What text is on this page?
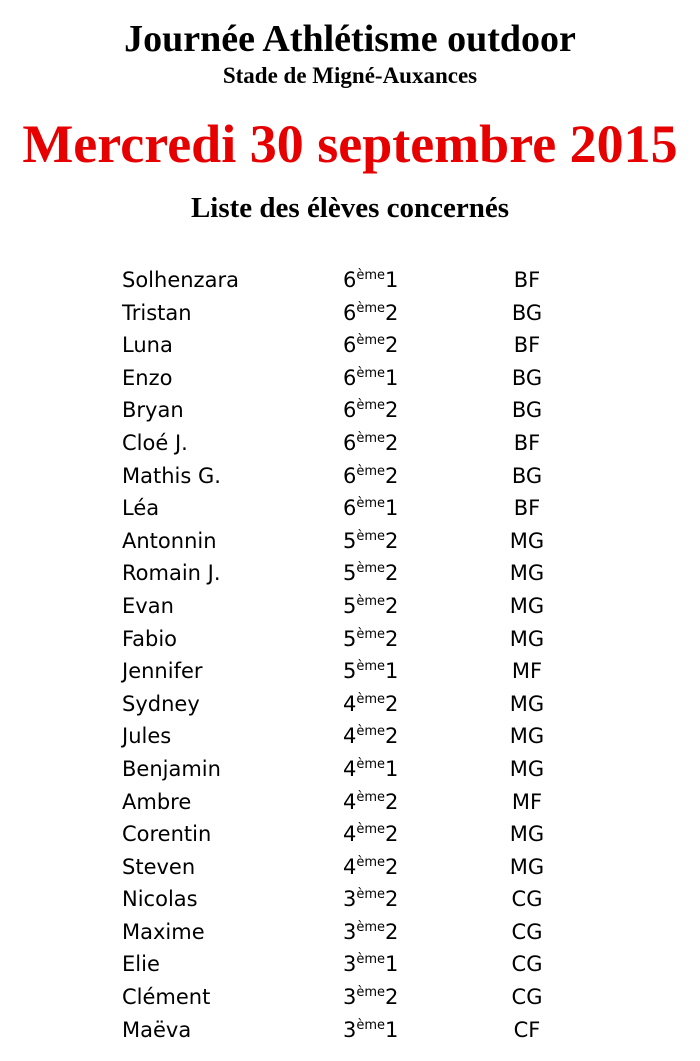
Journée Athlétisme outdoor
Stade de Migné-Auxances
Mercredi 30 septembre 2015
Liste des élèves concernés
Solhenzara	6ème1	BF
Tristan	6ème2	BG
Luna	6ème2	BF
Enzo	6ème1	BG
Bryan	6ème2	BG
Cloé J.	6ème2	BF
Mathis G.	6ème2	BG
Léa	6ème1	BF
Antonnin	5ème2	MG
Romain J.	5ème2	MG
Evan	5ème2	MG
Fabio	5ème2	MG
Jennifer	5ème1	MF
Sydney	4ème2	MG
Jules	4ème2	MG
Benjamin	4ème1	MG
Ambre	4ème2	MF
Corentin	4ème2	MG
Steven	4ème2	MG
Nicolas	3ème2	CG
Maxime	3ème2	CG
Elie	3ème1	CG
Clément	3ème2	CG
Maëva	3ème1	CF
